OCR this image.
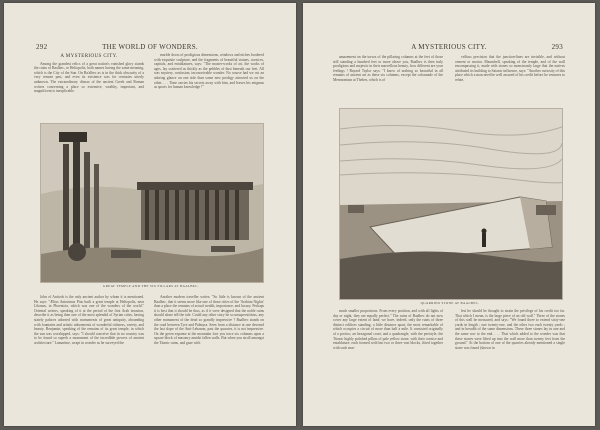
292	THE WORLD OF WONDERS.
A MYSTERIOUS CITY.

Among the grandest relics of a great nation's vanished glory stands the ruins of Baalbec, or Heliopolis, both names having the same meaning, which is the City of the Sun. On Ba'albec as is in the thick obscurity of a very remote past, and even its existence was for centuries utterly unknown. The extraordinary climax of the ancient Greek and Roman writers concerning a place so extensive, wealthy, important, and magnificent is inexplicable.

marble doors of prodigious dimensions, windows and niches bordered with exquisite sculpture, and the fragments of beautiful statues, cornices, capitals, and entablatures, says: "The master-works of art, the works of ages, lay scattered as thickly as the pebbles of dust beneath our feet. All was mystery, confusion, inconceivable wonder. No course had we cut an adoring glance on one side than some new prodigy attracted us on the other. . . . Time carries his secrets away with him, and leaves his enigmas as sports for human knowledge !"

GREAT TEMPLE AND THE SIX PILLARS AT BAALBEC.

John of Antioch is the only ancient author by whom it is mentioned. He says: "Ælius Antoninus Pius built a great temple at Heliopolis, near Libanus, in Phoenicia, which was one of the wonders of the world." Oriental writers, speaking of it at the period of the first Arab invasion, describe it as being then one of the most splendid of Syrian cities, having stately palaces adorned with monuments of great antiquity, abounding with fountains and artistic adornments of wonderful richness, variety, and beauty. Benjamin, speaking of the remains of its great temple, in which the sun was worshipped, says: "I should conceive that in no country was to be found so superb a monument of the incredible powers of ancient architecture." Lamartine, wrapt in wonder as he surveyed the

Another modern traveller writes: "So little is known of the ancient Baalbec, that it seems more like one of those cities of the 'Arabian Nights' than a place the remains of actual wealth, importance, and luxury. Perhaps it is best that it should be thus, as if it were designed that the noble ruins should alone tell the tale. Could any other story be so unsuperstitious, any other monument of the dead so grandly impressive ? Baalbec stands on the road between Tyre and Palmyra. Seen from a distance at one descend the last slope of the Anti-Lebanon, past the quarries, it is not impressive. On the green expanse at the mountain foot you trace six columns upon a square block of masonry amidst fallen walls. But when you stroll amongst the Titanic ruins, and gaze with

A MYSTERIOUS CITY.	293

amazement on the torsos of the pillaring columns at the feet of those still standing a hundred feet or more above you, Baalbec is then truly prodigious and majestic in their marvellous beauty, how different are your feelings ! Bayard Taylor says: "I know of nothing so beautiful in all remains of ancient art as these six columns, except the colonnade of the Memnonium at Thebes, which is of

vellous precision that the junction-lines are invisible, and without cement or mortar. Maundrell, speaking of the temple, and of the wall encompassing it, made with stones so monstrously large that the natives attributed its building to Satanic influence, says: "Another curiosity of this place which a man need be well assured of his credit before he ventures to relate,

QUARRIED STONE AT BAALBEC.

much smaller proportions. From every position, and with all lights of day or night, they are equally perfect." The ruins of Baalbec do not now cover any large extent of land; we have, indeed, only the ruins of three distinct edifices standing, a little distance apart, the most remarkable of which occupies a circuit of more than half a mile. It consisted originally of a portico, an hexagonal court, and a quadrangle, with the peristyle, the Titanic highly polished pillars of pale yellow stone, with their cornice and entablature, each formed with but two or three vast blocks, fitted together with such mar-

lest he should be thought to strain the privilege of his credit too far. That which I mean, is the large piece of an old wall." Three of the stones of this wall he measured, and says: "We found three to extend sixty-one yards in length ; one twenty-one, and the other two each twenty yards ; and in breadth of the same dimensions. These three stones lay in one and the same row to the end. . . . That which added to the wonder was that these stones were lifted up into the wall more than twenty feet from the ground." At the bottom of one of the quarries already mentioned a single stone was found (shown in
